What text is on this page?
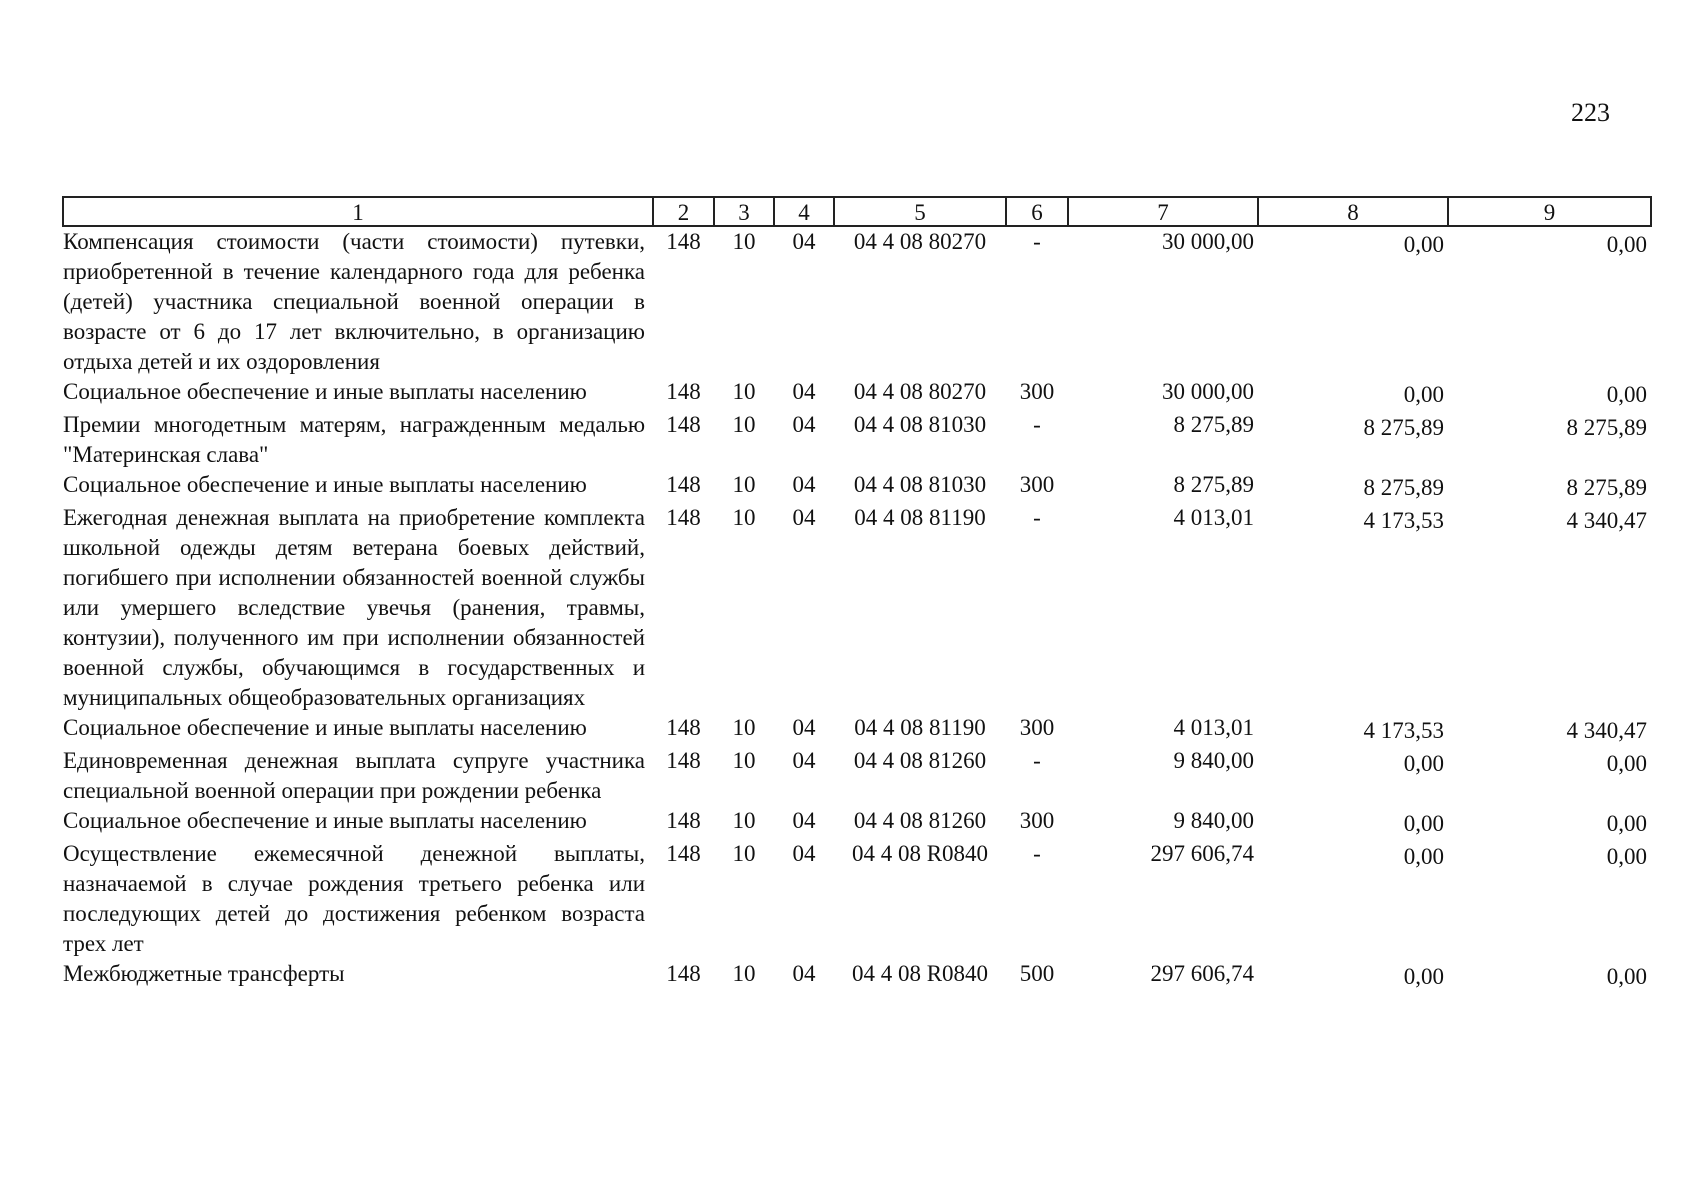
223
1	2	3	4	5	6	7	8	9
Компенсация стоимости (части стоимости) путевки, приобретенной в течение календарного года для ребенка (детей) участника специальной военной операции в возрасте от 6 до 17 лет включительно, в организацию отдыха детей и их оздоровления	148	10	04	04 4 08 80270	-	30 000,00	0,00	0,00
Социальное обеспечение и иные выплаты населению	148	10	04	04 4 08 80270	300	30 000,00	0,00	0,00
Премии многодетным матерям, награжденным медалью "Материнская слава"	148	10	04	04 4 08 81030	-	8 275,89	8 275,89	8 275,89
Социальное обеспечение и иные выплаты населению	148	10	04	04 4 08 81030	300	8 275,89	8 275,89	8 275,89
Ежегодная денежная выплата на приобретение комплекта школьной одежды детям ветерана боевых действий, погибшего при исполнении обязанностей военной службы или умершего вследствие увечья (ранения, травмы, контузии), полученного им при исполнении обязанностей военной службы, обучающимся в государственных и муниципальных общеобразовательных организациях	148	10	04	04 4 08 81190	-	4 013,01	4 173,53	4 340,47
Социальное обеспечение и иные выплаты населению	148	10	04	04 4 08 81190	300	4 013,01	4 173,53	4 340,47
Единовременная денежная выплата супруге участника специальной военной операции при рождении ребенка	148	10	04	04 4 08 81260	-	9 840,00	0,00	0,00
Социальное обеспечение и иные выплаты населению	148	10	04	04 4 08 81260	300	9 840,00	0,00	0,00
Осуществление ежемесячной денежной выплаты, назначаемой в случае рождения третьего ребенка или последующих детей до достижения ребенком возраста трех лет	148	10	04	04 4 08 R0840	-	297 606,74	0,00	0,00
Межбюджетные трансферты	148	10	04	04 4 08 R0840	500	297 606,74	0,00	0,00
